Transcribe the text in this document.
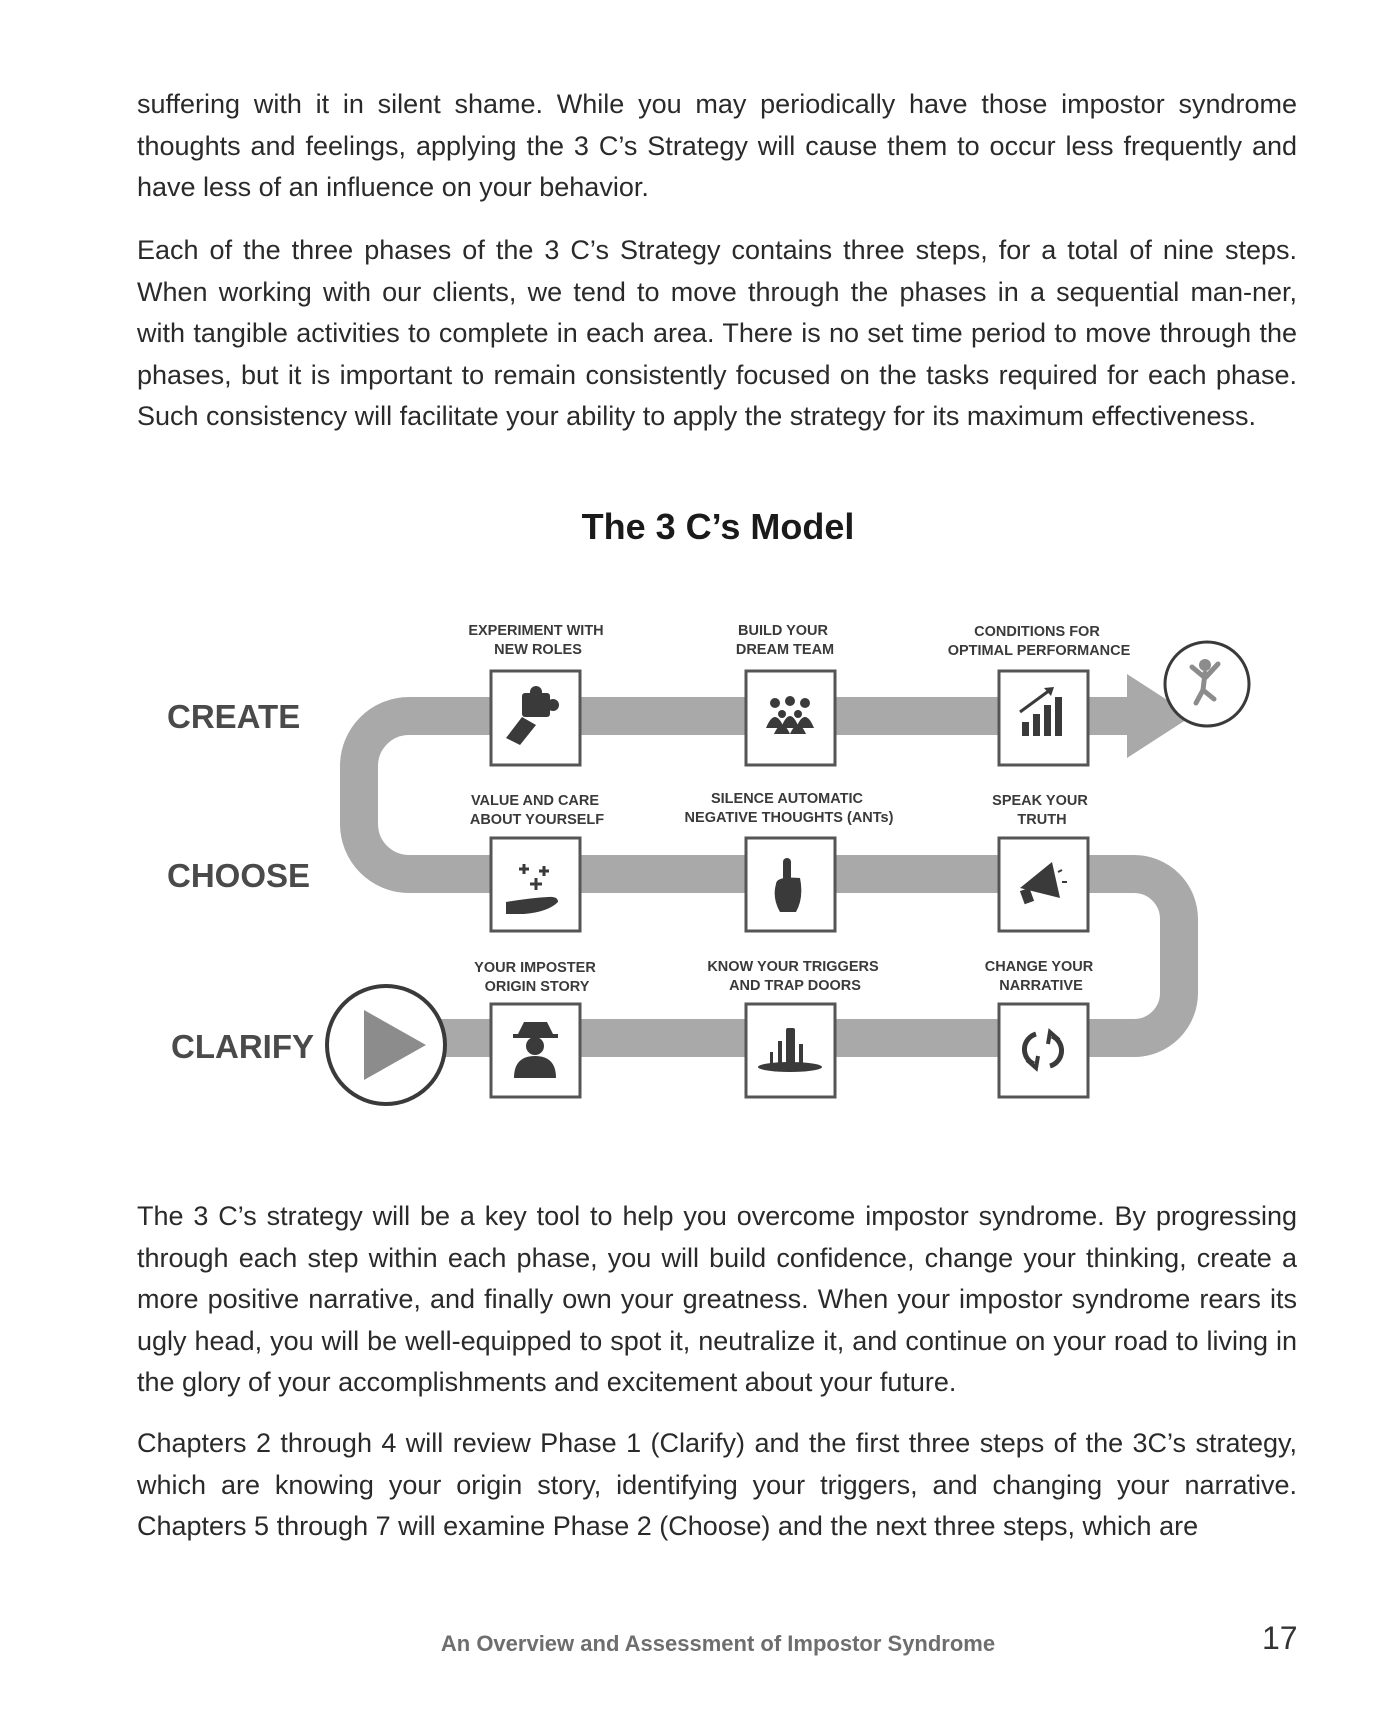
suffering with it in silent shame. While you may periodically have those impostor syndrome thoughts and feelings, applying the 3 C’s Strategy will cause them to occur less frequently and have less of an influence on your behavior.

Each of the three phases of the 3 C’s Strategy contains three steps, for a total of nine steps. When working with our clients, we tend to move through the phases in a sequential man-ner, with tangible activities to complete in each area. There is no set time period to move through the phases, but it is important to remain consistently focused on the tasks required for each phase. Such consistency will facilitate your ability to apply the strategy for its maximum effectiveness.

The 3 C’s Model
CREATE
CHOOSE
CLARIFY
EXPERIMENT WITH NEW ROLES
BUILD YOUR DREAM TEAM
CONDITIONS FOR OPTIMAL PERFORMANCE
VALUE AND CARE ABOUT YOURSELF
SILENCE AUTOMATIC NEGATIVE THOUGHTS (ANTs)
SPEAK YOUR TRUTH
YOUR IMPOSTER ORIGIN STORY
KNOW YOUR TRIGGERS AND TRAP DOORS
CHANGE YOUR NARRATIVE

The 3 C’s strategy will be a key tool to help you overcome impostor syndrome. By progressing through each step within each phase, you will build confidence, change your thinking, create a more positive narrative, and finally own your greatness. When your impostor syndrome rears its ugly head, you will be well-equipped to spot it, neutralize it, and continue on your road to living in the glory of your accomplishments and excitement about your future.

Chapters 2 through 4 will review Phase 1 (Clarify) and the first three steps of the 3C’s strategy, which are knowing your origin story, identifying your triggers, and changing your narrative. Chapters 5 through 7 will examine Phase 2 (Choose) and the next three steps, which are

An Overview and Assessment of Impostor Syndrome	17
